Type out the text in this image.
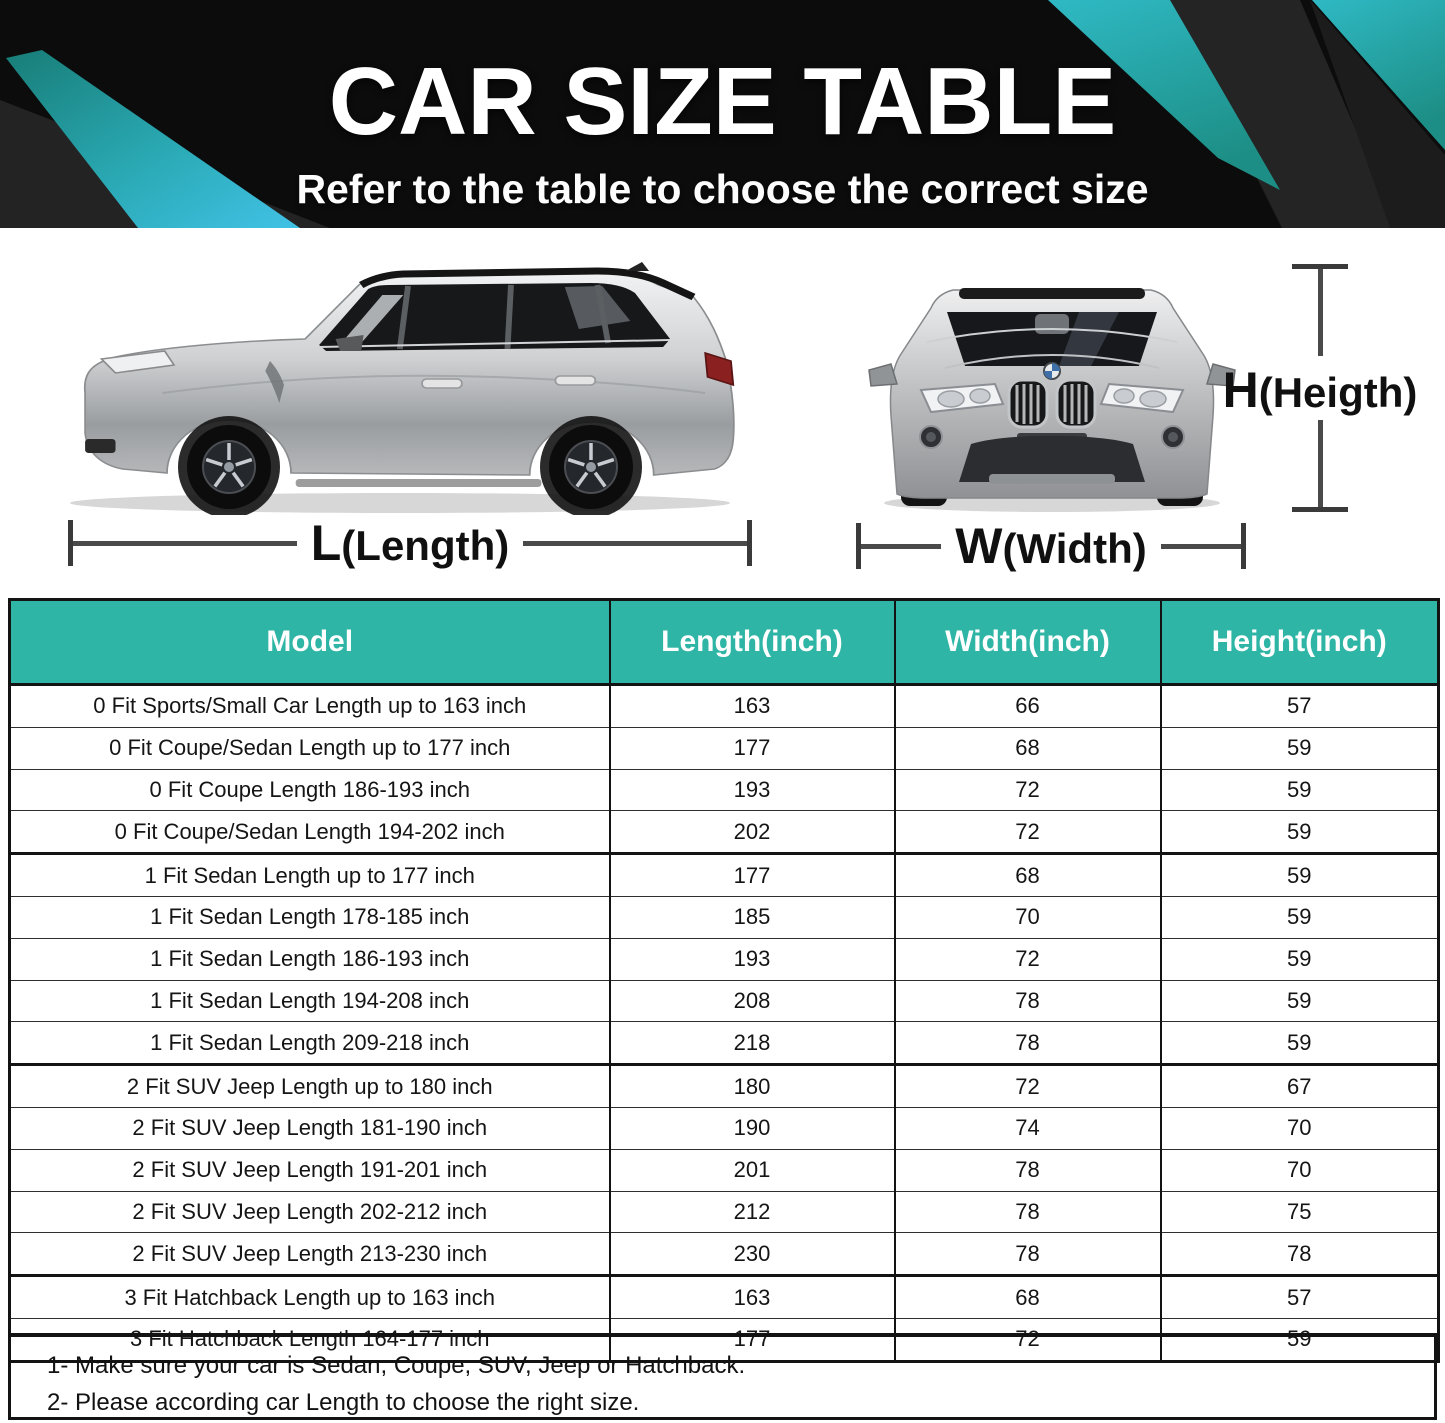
CAR SIZE TABLE
Refer to the table to choose the correct size
L(Length)	W(Width)
H(Heigth)
Model	Length(inch)	Width(inch)	Height(inch)
0 Fit Sports/Small Car Length up to 163 inch	163	66	57
0 Fit Coupe/Sedan Length up to 177 inch	177	68	59
0 Fit Coupe Length 186-193 inch	193	72	59
0 Fit Coupe/Sedan Length 194-202 inch	202	72	59
1 Fit Sedan Length up to 177 inch	177	68	59
1 Fit Sedan Length 178-185 inch	185	70	59
1 Fit Sedan Length 186-193 inch	193	72	59
1 Fit Sedan Length 194-208 inch	208	78	59
1 Fit Sedan Length 209-218 inch	218	78	59
2 Fit SUV Jeep Length up to 180 inch	180	72	67
2 Fit SUV Jeep Length 181-190 inch	190	74	70
2 Fit SUV Jeep Length 191-201 inch	201	78	70
2 Fit SUV Jeep Length 202-212 inch	212	78	75
2 Fit SUV Jeep Length 213-230 inch	230	78	78
3 Fit Hatchback Length up to 163 inch	163	68	57
3 Fit Hatchback Length 164-177 inch	177	72	59
1- Make sure your car is Sedan, Coupe, SUV, Jeep or Hatchback.
2- Please according car Length to choose the right size.
